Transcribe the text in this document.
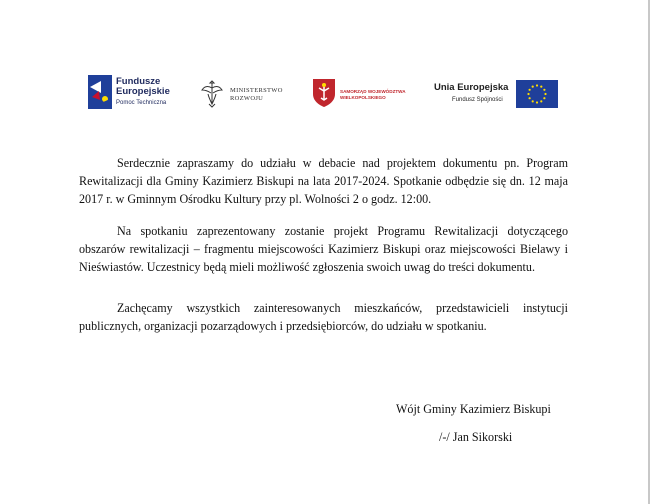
Fundusze
Europejskie
Pomoc Techniczna
MINISTERSTWO
ROZWOJU
SAMORZĄD WOJEWÓDZTWA
WIELKOPOLSKIEGO
Unia Europejska
Fundusz Spójności

Serdecznie zapraszamy do udziału w debacie nad projektem dokumentu pn. Program Rewitalizacji dla Gminy Kazimierz Biskupi na lata 2017-2024. Spotkanie odbędzie się dn. 12 maja 2017 r. w Gminnym Ośrodku Kultury przy pl. Wolności 2 o godz. 12:00.

Na spotkaniu zaprezentowany zostanie projekt Programu Rewitalizacji dotyczącego obszarów rewitalizacji – fragmentu miejscowości Kazimierz Biskupi oraz miejscowości Bielawy i Nieświastów. Uczestnicy będą mieli możliwość zgłoszenia swoich uwag do treści dokumentu.

Zachęcamy wszystkich zainteresowanych mieszkańców, przedstawicieli instytucji publicznych, organizacji pozarządowych i przedsiębiorców, do udziału w spotkaniu.

Wójt Gminy Kazimierz Biskupi
/-/ Jan Sikorski
